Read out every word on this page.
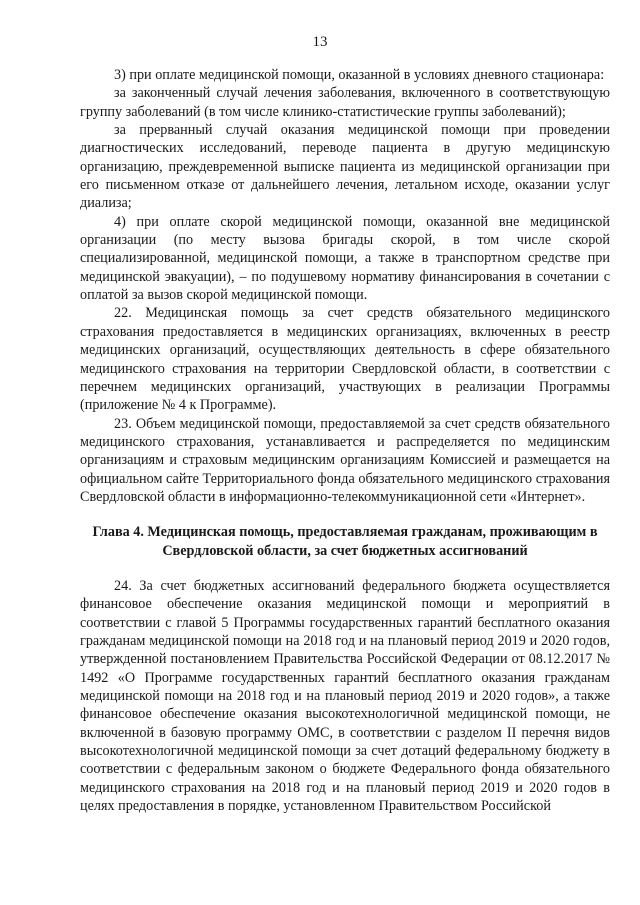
13

3) при оплате медицинской помощи, оказанной в условиях дневного стационара:

за законченный случай лечения заболевания, включенного в соответствующую группу заболеваний (в том числе клинико-статистические группы заболеваний);

за прерванный случай оказания медицинской помощи при проведении диагностических исследований, переводе пациента в другую медицинскую организацию, преждевременной выписке пациента из медицинской организации при его письменном отказе от дальнейшего лечения, летальном исходе, оказании услуг диализа;

4) при оплате скорой медицинской помощи, оказанной вне медицинской организации (по месту вызова бригады скорой, в том числе скорой специализированной, медицинской помощи, а также в транспортном средстве при медицинской эвакуации), – по подушевому нормативу финансирования в сочетании с оплатой за вызов скорой медицинской помощи.

22. Медицинская помощь за счет средств обязательного медицинского страхования предоставляется в медицинских организациях, включенных в реестр медицинских организаций, осуществляющих деятельность в сфере обязательного медицинского страхования на территории Свердловской области, в соответствии с перечнем медицинских организаций, участвующих в реализации Программы (приложение № 4 к Программе).

23. Объем медицинской помощи, предоставляемой за счет средств обязательного медицинского страхования, устанавливается и распределяется по медицинским организациям и страховым медицинским организациям Комиссией и размещается на официальном сайте Территориального фонда обязательного медицинского страхования Свердловской области в информационно-телекоммуникационной сети «Интернет».

Глава 4. Медицинская помощь, предоставляемая гражданам, проживающим в Свердловской области, за счет бюджетных ассигнований

24. За счет бюджетных ассигнований федерального бюджета осуществляется финансовое обеспечение оказания медицинской помощи и мероприятий в соответствии с главой 5 Программы государственных гарантий бесплатного оказания гражданам медицинской помощи на 2018 год и на плановый период 2019 и 2020 годов, утвержденной постановлением Правительства Российской Федерации от 08.12.2017 № 1492 «О Программе государственных гарантий бесплатного оказания гражданам медицинской помощи на 2018 год и на плановый период 2019 и 2020 годов», а также финансовое обеспечение оказания высокотехнологичной медицинской помощи, не включенной в базовую программу ОМС, в соответствии с разделом II перечня видов высокотехнологичной медицинской помощи за счет дотаций федеральному бюджету в соответствии с федеральным законом о бюджете Федерального фонда обязательного медицинского страхования на 2018 год и на плановый период 2019 и 2020 годов в целях предоставления в порядке, установленном Правительством Российской
